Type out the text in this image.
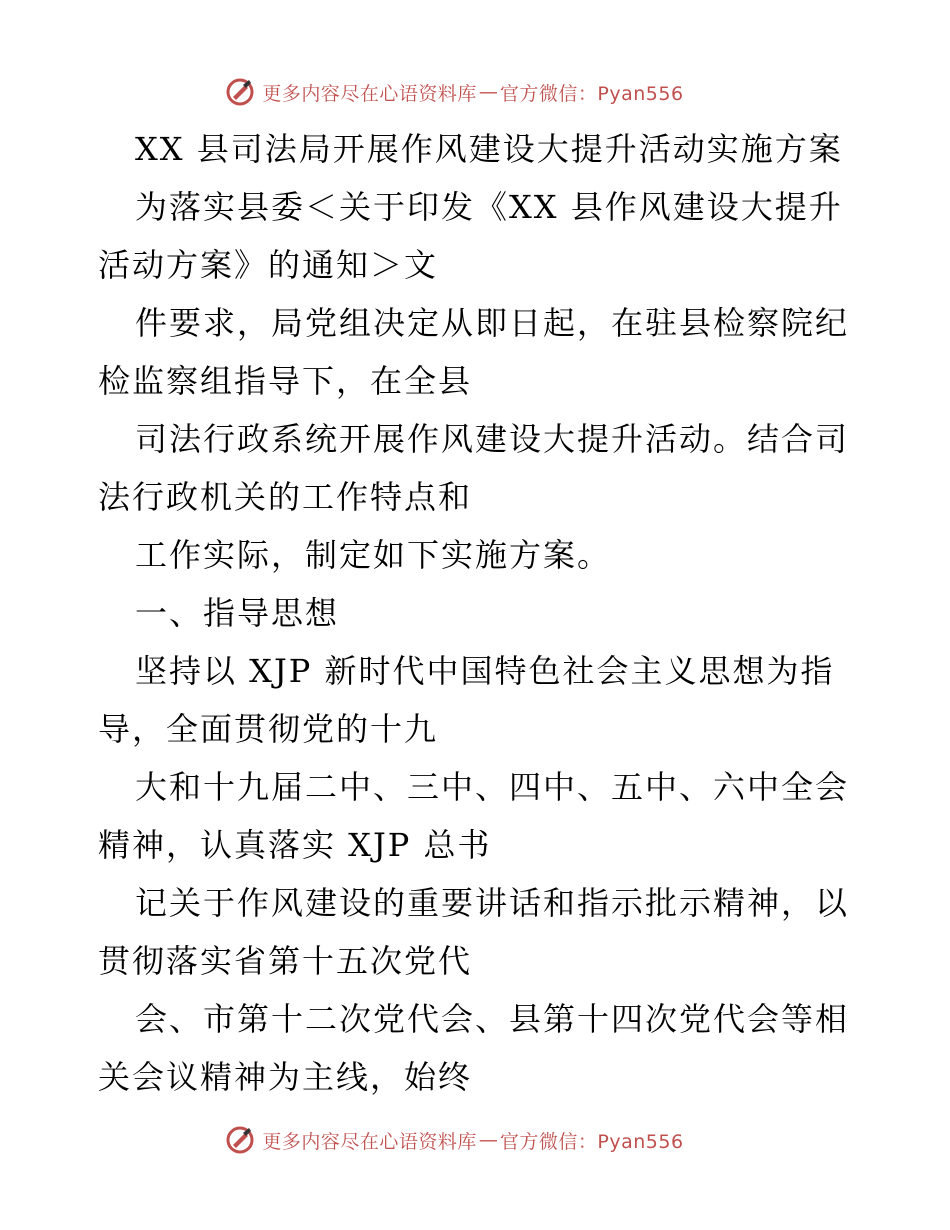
更多内容尽在心语资料库 — 官方微信：Pyan556
XX 县司法局开展作风建设大提升活动实施方案
为落实县委＜关于印发《XX 县作风建设大提升
活动方案》的通知＞文
件要求，局党组决定从即日起，在驻县检察院纪
检监察组指导下，在全县
司法行政系统开展作风建设大提升活动。结合司
法行政机关的工作特点和
工作实际，制定如下实施方案。
一、指导思想
坚持以 XJP 新时代中国特色社会主义思想为指
导，全面贯彻党的十九
大和十九届二中、三中、四中、五中、六中全会
精神，认真落实 XJP 总书
记关于作风建设的重要讲话和指示批示精神，以
贯彻落实省第十五次党代
会、市第十二次党代会、县第十四次党代会等相
关会议精神为主线，始终
更多内容尽在心语资料库 — 官方微信：Pyan556
